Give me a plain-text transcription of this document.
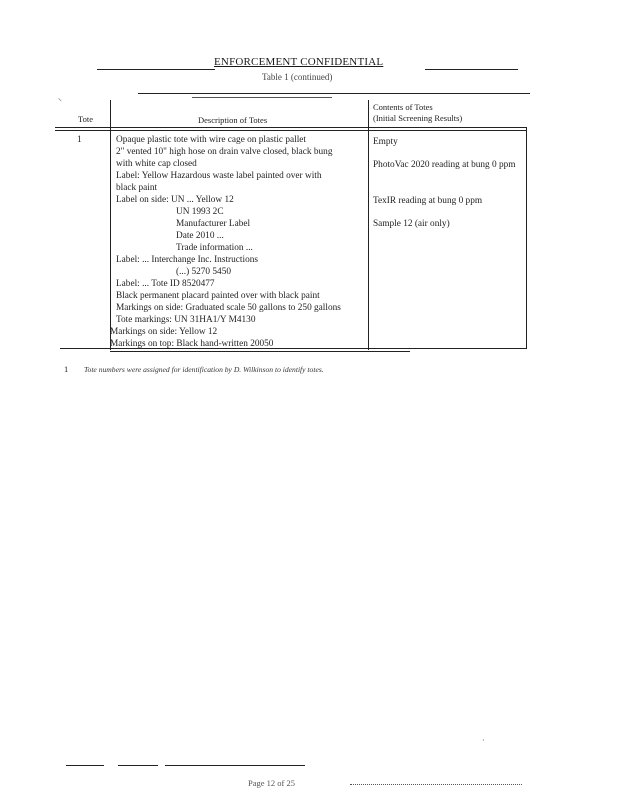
ENFORCEMENT CONFIDENTIAL
Table 1 (continued)
⸌
Tote	Description of Totes
Contents of Totes
(Initial Screening Results)
1	Opaque plastic tote with wire cage on plastic pallet
2" vented 10" high hose on drain valve closed, black bung
with white cap closed
Label: Yellow Hazardous waste label painted over with
black paint
Label on side: UN ... Yellow 12
UN 1993 2C
Manufacturer Label
Date 2010 ...
Trade information ...
Label: ... Interchange Inc. Instructions
(...) 5270 5450
Label: ... Tote ID 8520477
Black permanent placard painted over with black paint
Markings on side: Graduated scale 50 gallons to 250 gallons
Tote markings: UN 31HA1/Y M4130
Markings on side: Yellow 12
Markings on top: Black hand-written 20050
Empty
PhotoVac 2020 reading at bung 0 ppm
TexIR reading at bung 0 ppm
Sample 12 (air only)
1 Tote numbers were assigned for identification by D. Wilkinson to identify totes.
·
Page 12 of 25
